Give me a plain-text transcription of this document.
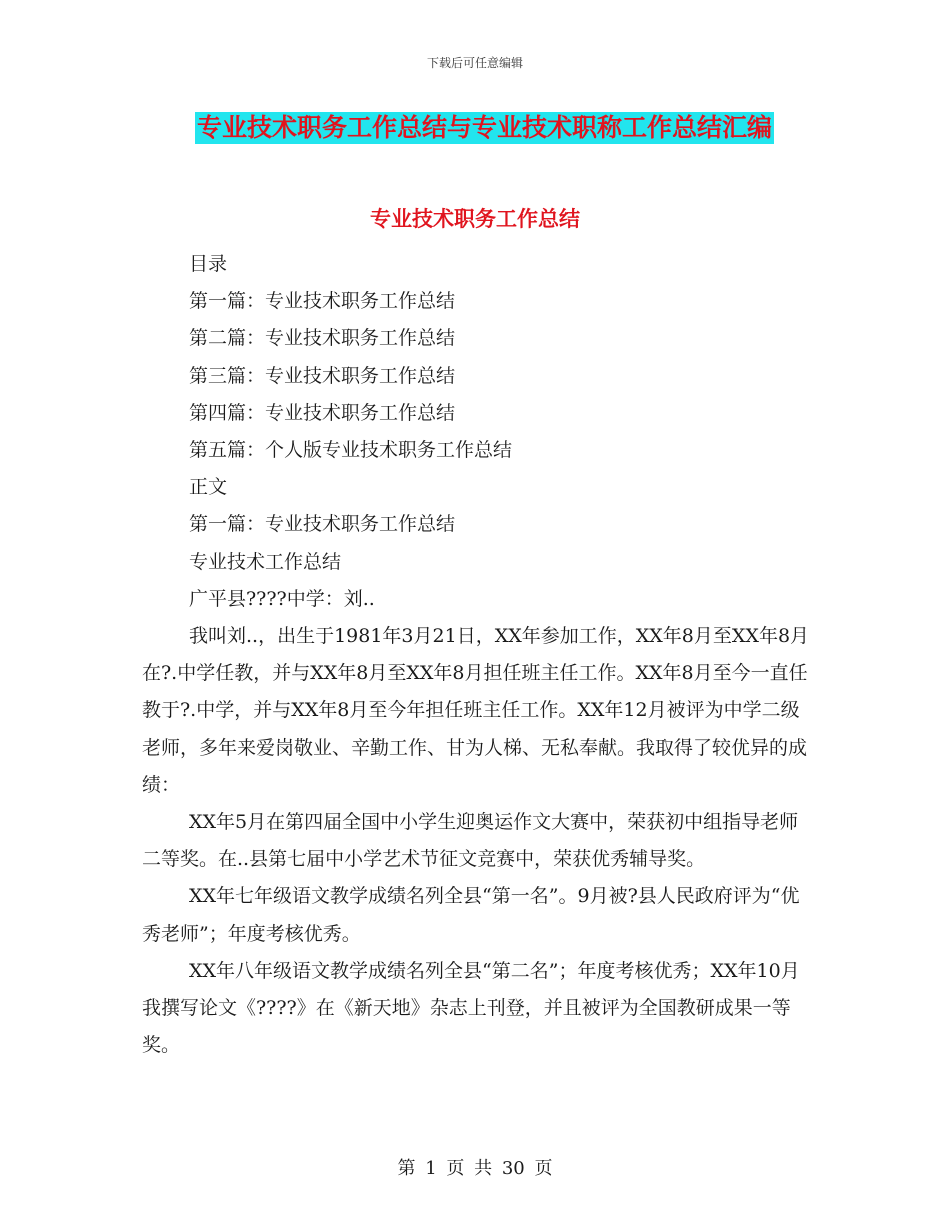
下载后可任意编辑
专业技术职务工作总结与专业技术职称工作总结汇编
专业技术职务工作总结

目录

第一篇：专业技术职务工作总结

第二篇：专业技术职务工作总结

第三篇：专业技术职务工作总结

第四篇：专业技术职务工作总结

第五篇：个人版专业技术职务工作总结

正文

第一篇：专业技术职务工作总结

专业技术工作总结

广平县????中学：刘..

我叫刘..，出生于1981年3月21日，XX年参加工作，XX年8月至XX年8月在?.中学任教，并与XX年8月至XX年8月担任班主任工作。XX年8月至今一直任教于?.中学，并与XX年8月至今年担任班主任工作。XX年12月被评为中学二级老师，多年来爱岗敬业、辛勤工作、甘为人梯、无私奉献。我取得了较优异的成绩：

XX年5月在第四届全国中小学生迎奥运作文大赛中，荣获初中组指导老师二等奖。在..县第七届中小学艺术节征文竞赛中，荣获优秀辅导奖。

XX年七年级语文教学成绩名列全县“第一名”。9月被?县人民政府评为“优秀老师”；年度考核优秀。

XX年八年级语文教学成绩名列全县“第二名”；年度考核优秀；XX年10月我撰写论文《????》在《新天地》杂志上刊登，并且被评为全国教研成果一等奖。

第 1 页 共 30 页
